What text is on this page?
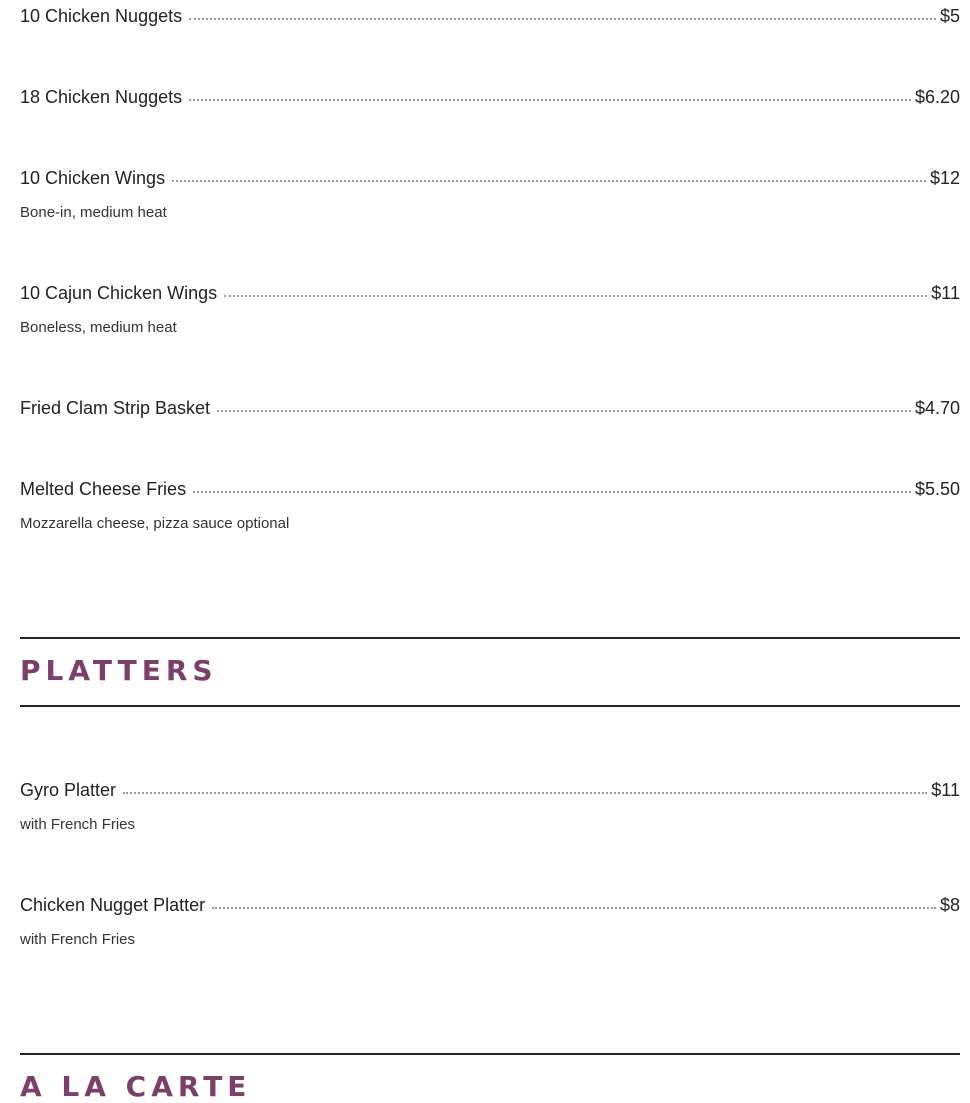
10 Chicken Nuggets	$5
18 Chicken Nuggets	$6.20
10 Chicken Wings	$12
Bone-in, medium heat
10 Cajun Chicken Wings	$11
Boneless, medium heat
Fried Clam Strip Basket	$4.70
Melted Cheese Fries	$5.50
Mozzarella cheese, pizza sauce optional
PLATTERS
Gyro Platter	$11
with French Fries
Chicken Nugget Platter	$8
with French Fries
A LA CARTE
